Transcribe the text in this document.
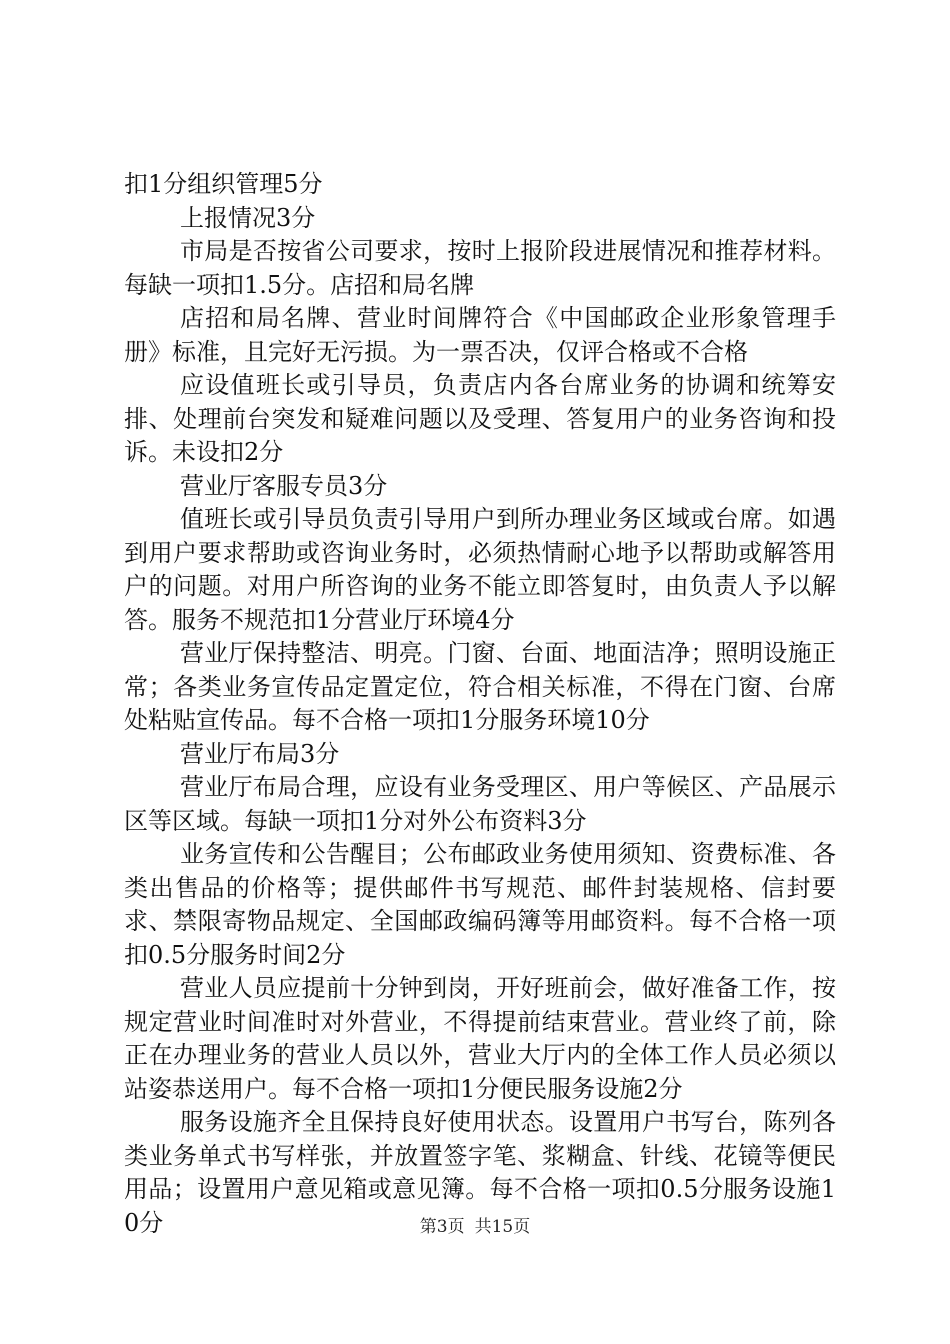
扣1分组织管理5分

上报情况3分

市局是否按省公司要求，按时上报阶段进展情况和推荐材料。每缺一项扣1.5分。店招和局名牌

店招和局名牌、营业时间牌符合《中国邮政企业形象管理手册》标准，且完好无污损。为一票否决，仅评合格或不合格

应设值班长或引导员，负责店内各台席业务的协调和统筹安排、处理前台突发和疑难问题以及受理、答复用户的业务咨询和投诉。未设扣2分

营业厅客服专员3分

值班长或引导员负责引导用户到所办理业务区域或台席。如遇到用户要求帮助或咨询业务时，必须热情耐心地予以帮助或解答用户的问题。对用户所咨询的业务不能立即答复时，由负责人予以解答。服务不规范扣1分营业厅环境4分

营业厅保持整洁、明亮。门窗、台面、地面洁净；照明设施正常；各类业务宣传品定置定位，符合相关标准，不得在门窗、台席处粘贴宣传品。每不合格一项扣1分服务环境10分

营业厅布局3分

营业厅布局合理，应设有业务受理区、用户等候区、产品展示区等区域。每缺一项扣1分对外公布资料3分

业务宣传和公告醒目；公布邮政业务使用须知、资费标准、各类出售品的价格等；提供邮件书写规范、邮件封装规格、信封要求、禁限寄物品规定、全国邮政编码簿等用邮资料。每不合格一项扣0.5分服务时间2分

营业人员应提前十分钟到岗，开好班前会，做好准备工作，按规定营业时间准时对外营业，不得提前结束营业。营业终了前，除正在办理业务的营业人员以外，营业大厅内的全体工作人员必须以站姿恭送用户。每不合格一项扣1分便民服务设施2分

服务设施齐全且保持良好使用状态。设置用户书写台，陈列各类业务单式书写样张，并放置签字笔、浆糊盒、针线、花镜等便民用品；设置用户意见箱或意见簿。每不合格一项扣0.5分服务设施10分	第3页 共15页
